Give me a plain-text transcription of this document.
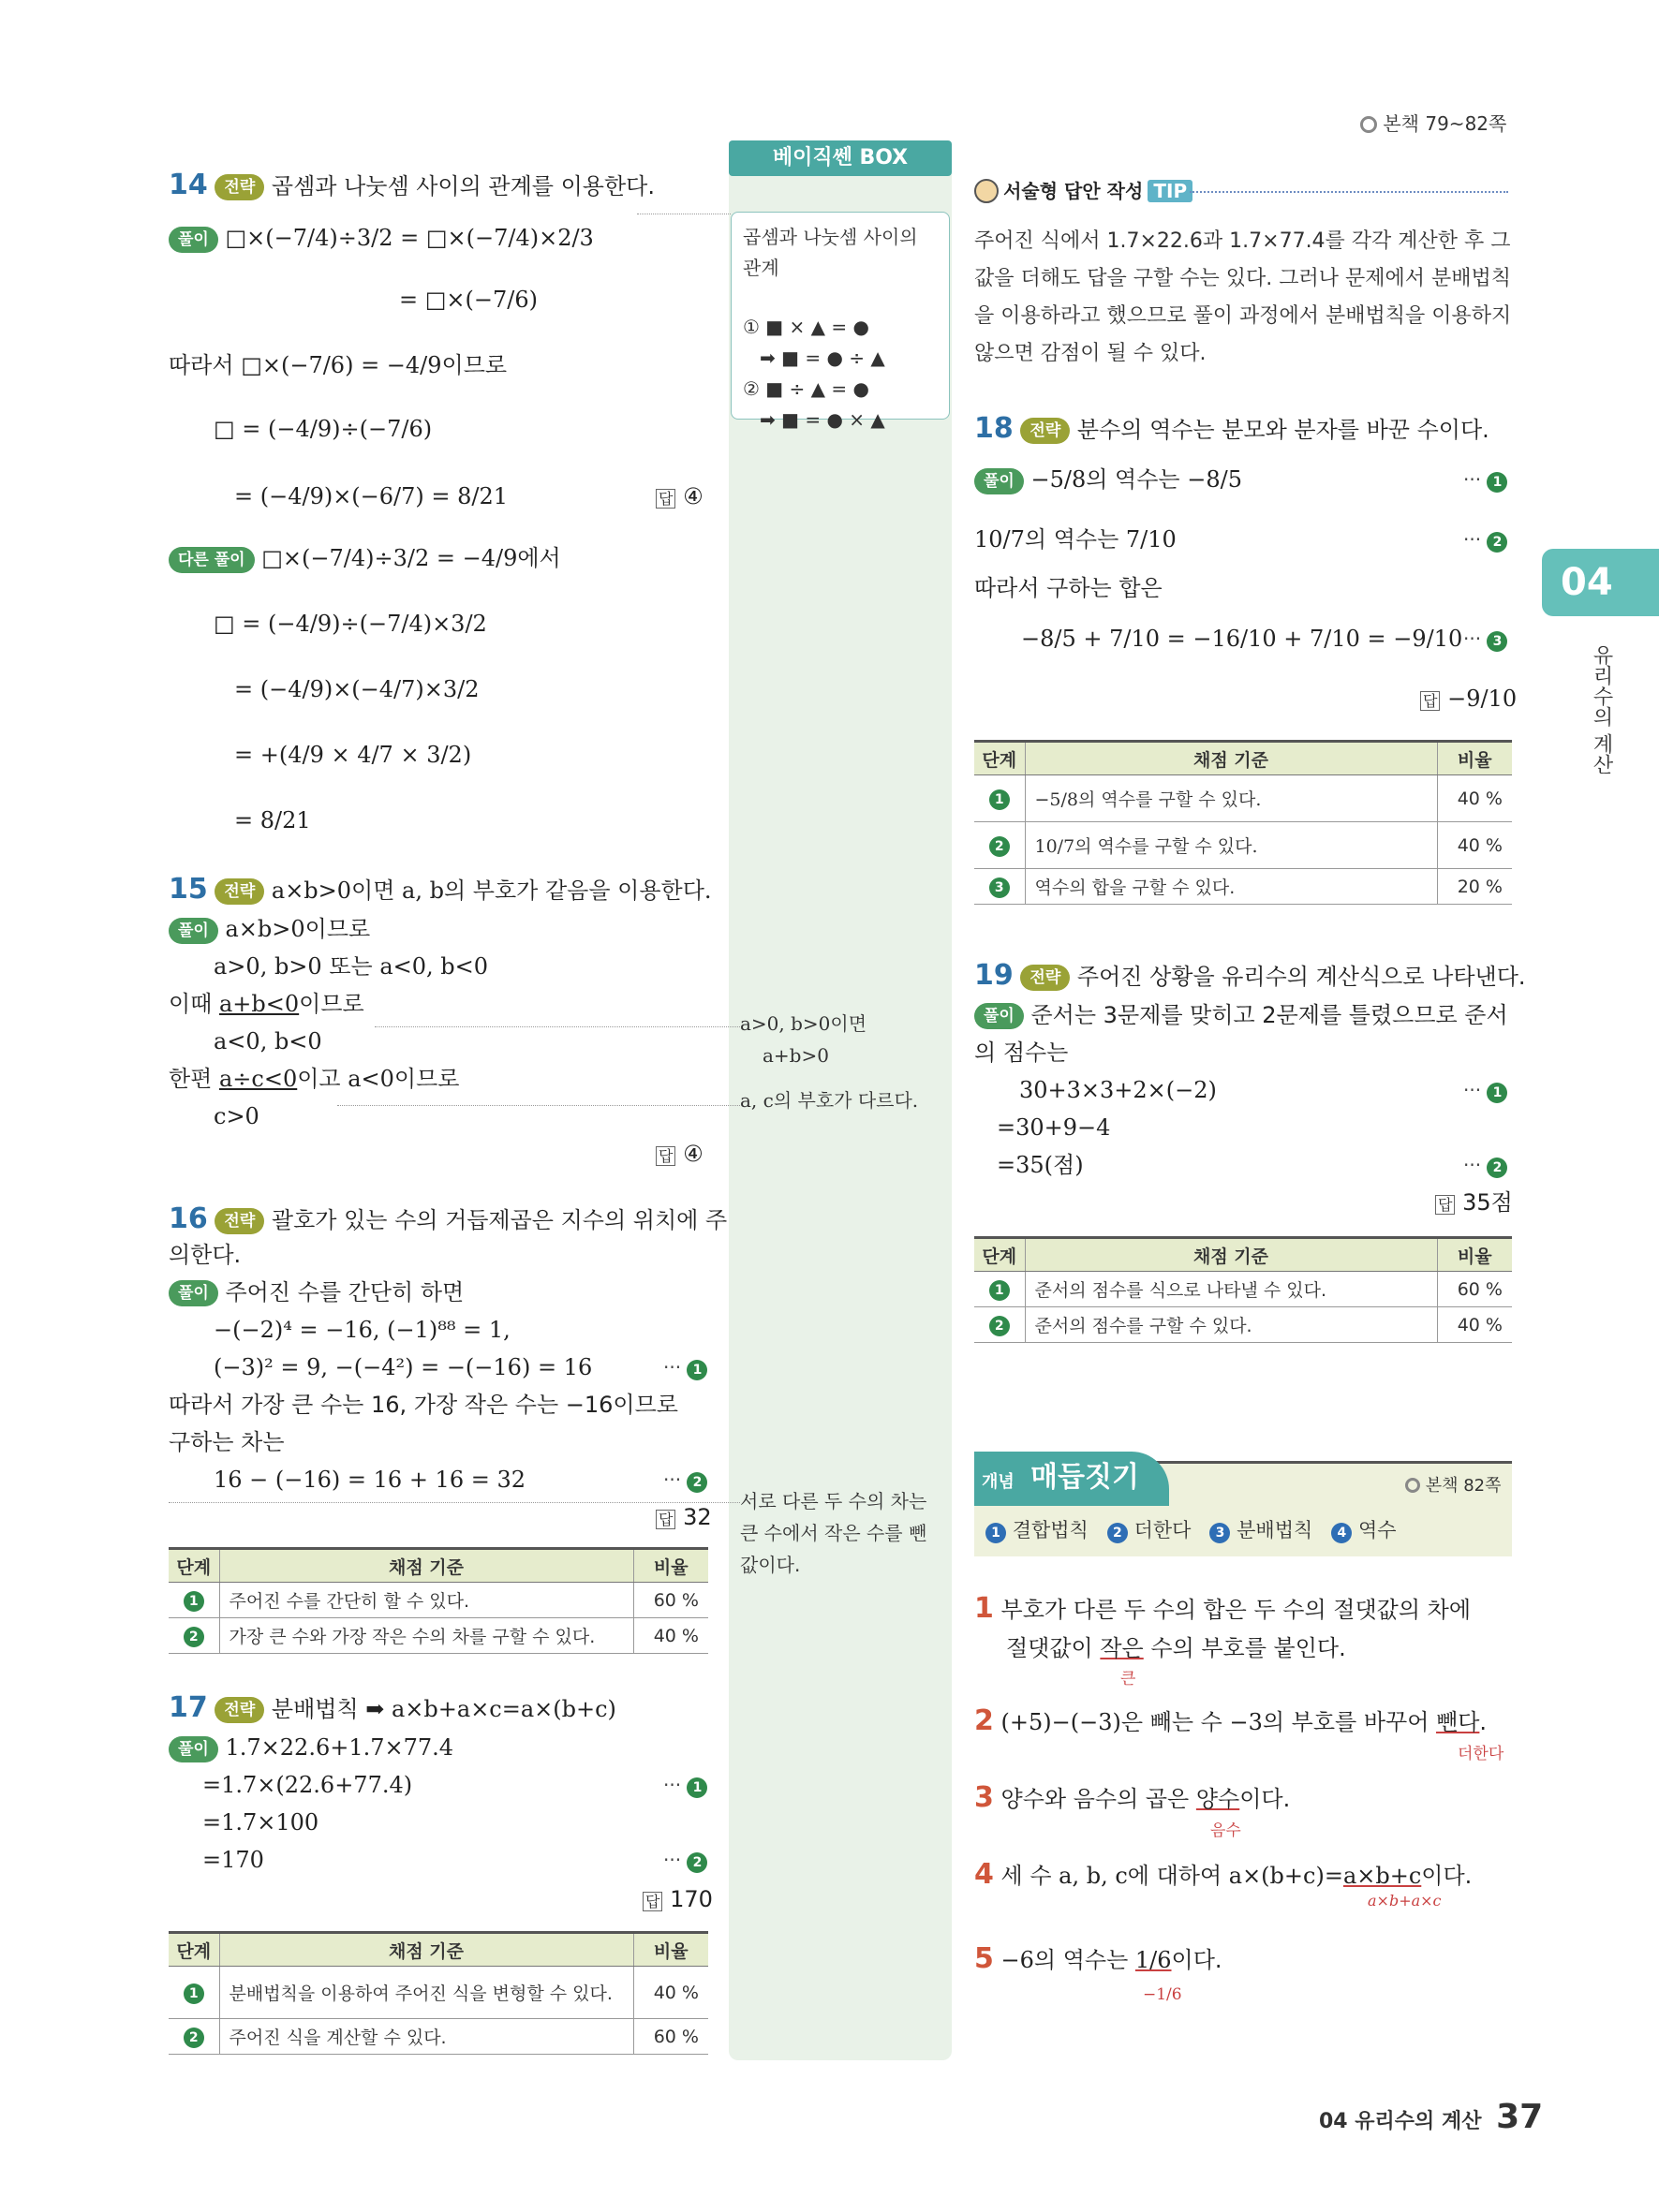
본책 79~82쪽
베이직쎈 BOX
곱셈과 나눗셈 사이의 관계
① ■ × ▲ = ●
➡ ■ = ● ÷ ▲
② ■ ÷ ▲ = ●
➡ ■ = ● × ▲
a>0, b>0이면
a+b>0
a, c의 부호가 다르다.
서로 다른 두 수의 차는
큰 수에서 작은 수를 뺀
값이다.
14 전략 곱셈과 나눗셈 사이의 관계를 이용한다.
풀이 □×(−7/4)÷3/2 = □×(−7/4)×2/3
= □×(−7/6)
따라서 □×(−7/6) = −4/9이므로
□ = (−4/9)÷(−7/6)
= (−4/9)×(−6/7) = 8/21	답 ④
다른 풀이 □×(−7/4)÷3/2 = −4/9에서
□ = (−4/9)÷(−7/4)×3/2
= (−4/9)×(−4/7)×3/2
= +(4/9 × 4/7 × 3/2)
= 8/21
15 전략 a×b>0이면 a, b의 부호가 같음을 이용한다.
풀이 a×b>0이므로
a>0, b>0 또는 a<0, b<0
이때 a+b<0이므로
a<0, b<0
한편 a÷c<0이고 a<0이므로
c>0
답 ④
16 전략 괄호가 있는 수의 거듭제곱은 지수의 위치에 주
의한다.
풀이 주어진 수를 간단히 하면
−(−2)⁴ = −16, (−1)⁸⁸ = 1,
(−3)² = 9, −(−4²) = −(−16) = 16	··· 1
따라서 가장 큰 수는 16, 가장 작은 수는 −16이므로
구하는 차는
16 − (−16) = 16 + 16 = 32	··· 2
답 32
단계	채점 기준	비율
1	주어진 수를 간단히 할 수 있다.	60 %
2	가장 큰 수와 가장 작은 수의 차를 구할 수 있다.	40 %
17 전략 분배법칙 ➡ a×b+a×c=a×(b+c)
풀이 1.7×22.6+1.7×77.4
=1.7×(22.6+77.4)	··· 1
=1.7×100
=170	··· 2
답 170
단계	채점 기준	비율
1	분배법칙을 이용하여 주어진 식을 변형할 수 있다.	40 %
2	주어진 식을 계산할 수 있다.	60 %
서술형 답안 작성 TIP
주어진 식에서 1.7×22.6과 1.7×77.4를 각각 계산한 후 그
값을 더해도 답을 구할 수는 있다. 그러나 문제에서 분배법칙
을 이용하라고 했으므로 풀이 과정에서 분배법칙을 이용하지
않으면 감점이 될 수 있다.
04
유리수의 계산
18 전략 분수의 역수는 분모와 분자를 바꾼 수이다.
풀이 −5/8의 역수는 −8/5	··· 1
10/7의 역수는 7/10	··· 2
따라서 구하는 합은
−8/5 + 7/10 = −16/10 + 7/10 = −9/10 ··· 3
답 −9/10
단계	채점 기준	비율
1	−5/8의 역수를 구할 수 있다.	40 %
2	10/7의 역수를 구할 수 있다.	40 %
3	역수의 합을 구할 수 있다.	20 %
19 전략 주어진 상황을 유리수의 계산식으로 나타낸다.
풀이 준서는 3문제를 맞히고 2문제를 틀렸으므로 준서
의 점수는
30+3×3+2×(−2)	··· 1
=30+9−4
=35(점)	··· 2
답 35점
단계	채점 기준	비율
1	준서의 점수를 식으로 나타낼 수 있다.	60 %
2	준서의 점수를 구할 수 있다.	40 %
개념 매듭짓기	본책 82쪽
1 결합법칙 2 더한다 3 분배법칙 4 역수
1 부호가 다른 두 수의 합은 두 수의 절댓값의 차에
절댓값이 작은 수의 부호를 붙인다.
큰
2 (+5)−(−3)은 빼는 수 −3의 부호를 바꾸어 뺀다.
더한다
3 양수와 음수의 곱은 양수이다.
음수
4 세 수 a, b, c에 대하여 a×(b+c)=a×b+c이다.
a×b+a×c
5 −6의 역수는 1/6이다.
−1/6
04 유리수의 계산 37
